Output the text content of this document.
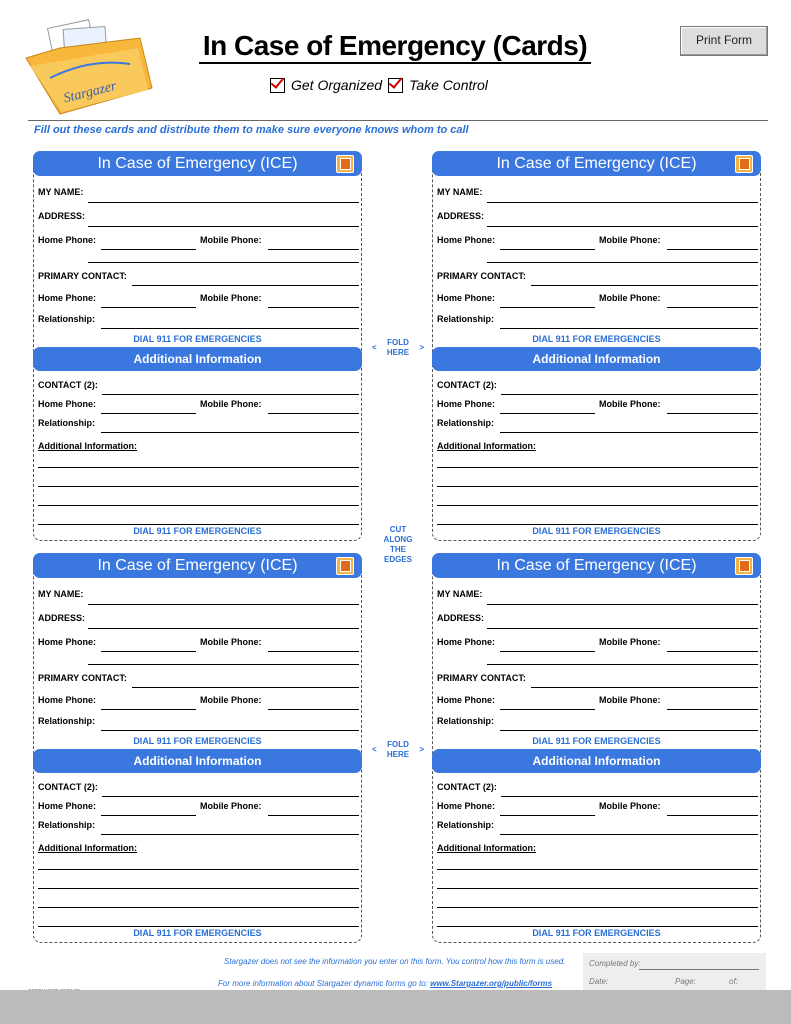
Stargazer
In Case of Emergency (Cards)
Get Organized Take Control
Print Form
Fill out these cards and distribute them to make sure everyone knows whom to call
In Case of Emergency (ICE)
MY NAME:
ADDRESS:
Home Phone:	Mobile Phone:
PRIMARY CONTACT:
Home Phone:	Mobile Phone:
Relationship:
DIAL 911 FOR EMERGENCIES
Additional Information
CONTACT (2):
Home Phone:	Mobile Phone:
Relationship:
Additional Information:
DIAL 911 FOR EMERGENCIES
In Case of Emergency (ICE)
MY NAME:
ADDRESS:
Home Phone:	Mobile Phone:
PRIMARY CONTACT:
Home Phone:	Mobile Phone:
Relationship:
DIAL 911 FOR EMERGENCIES
Additional Information
CONTACT (2):
Home Phone:	Mobile Phone:
Relationship:
Additional Information:
DIAL 911 FOR EMERGENCIES
In Case of Emergency (ICE)
MY NAME:
ADDRESS:
Home Phone:	Mobile Phone:
PRIMARY CONTACT:
Home Phone:	Mobile Phone:
Relationship:
DIAL 911 FOR EMERGENCIES
Additional Information
CONTACT (2):
Home Phone:	Mobile Phone:
Relationship:
Additional Information:
DIAL 911 FOR EMERGENCIES
In Case of Emergency (ICE)
MY NAME:
ADDRESS:
Home Phone:	Mobile Phone:
PRIMARY CONTACT:
Home Phone:	Mobile Phone:
Relationship:
DIAL 911 FOR EMERGENCIES
Additional Information
CONTACT (2):
Home Phone:	Mobile Phone:
Relationship:
Additional Information:
DIAL 911 FOR EMERGENCIES
<
FOLD
HERE
>
CUT
ALONG
THE
EDGES
<
FOLD
HERE
>
Stargazer does not see the information you enter on this form. You control how this form is used.
For more information about Stargazer dynamic forms go to: www.Stargazer.org/public/forms
Completed by:
Date:	Page:	of:
